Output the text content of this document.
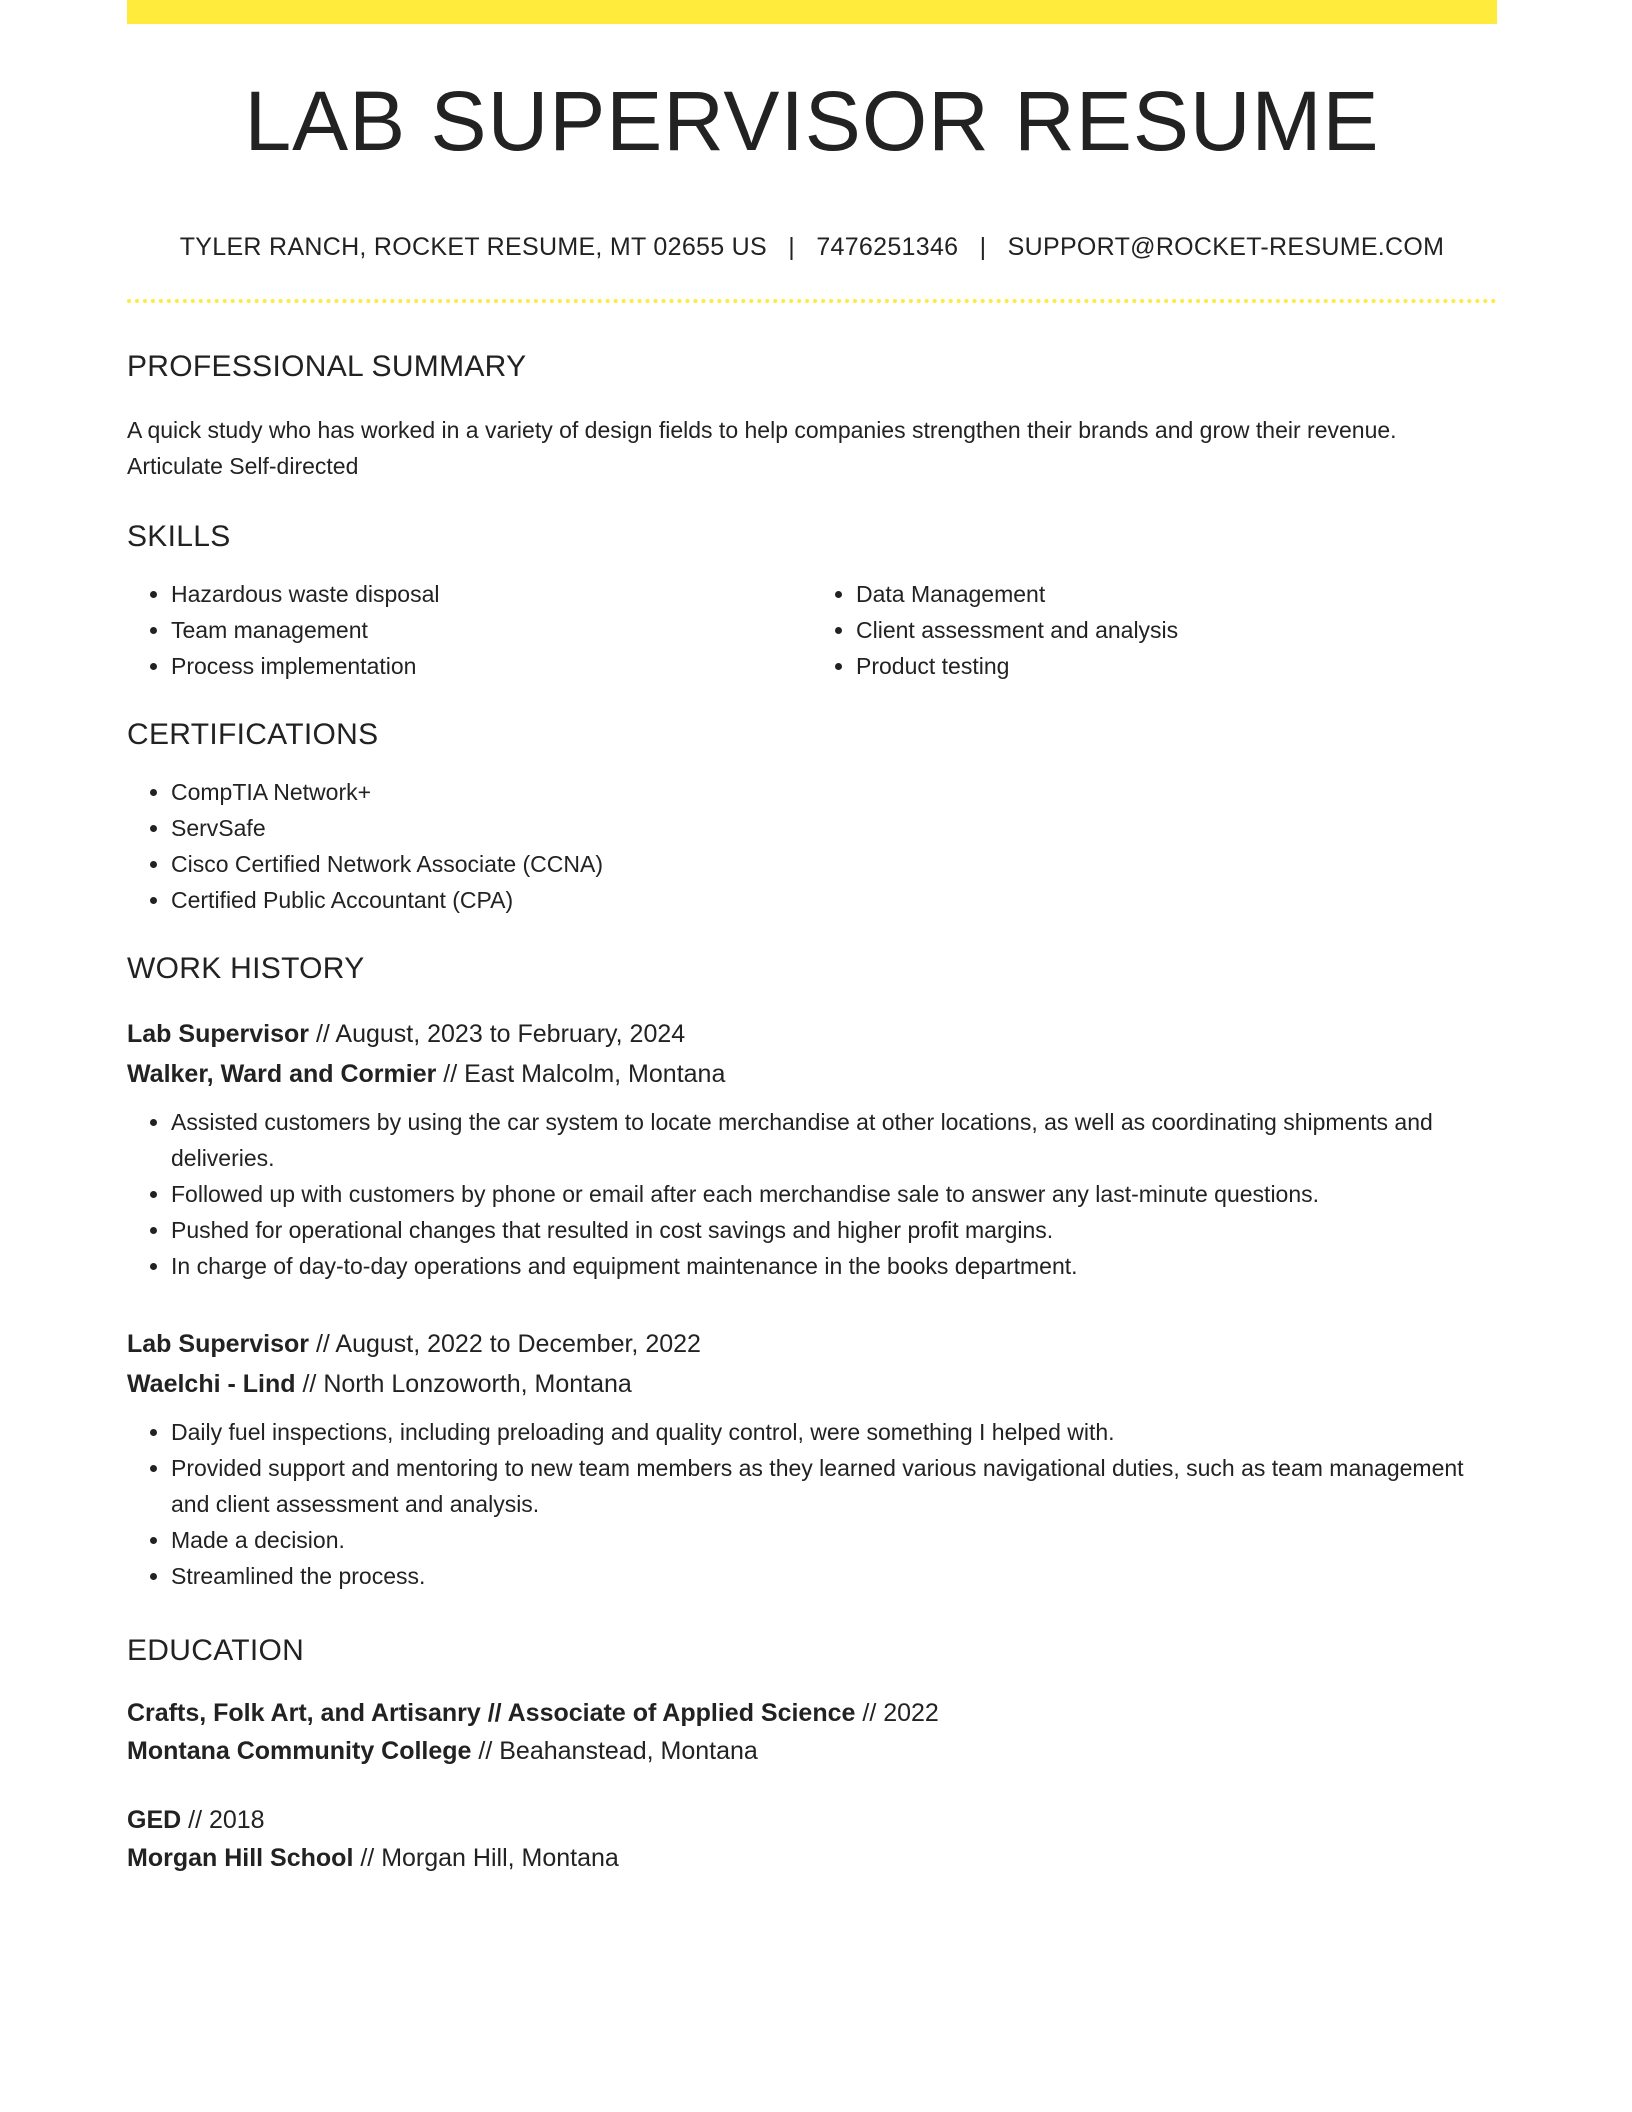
LAB SUPERVISOR RESUME
TYLER RANCH, ROCKET RESUME, MT 02655 US | 7476251346 | SUPPORT@ROCKET-RESUME.COM
PROFESSIONAL SUMMARY
A quick study who has worked in a variety of design fields to help companies strengthen their brands and grow their revenue.
Articulate Self-directed
SKILLS
• Hazardous waste disposal
• Team management
• Process implementation
• Data Management
• Client assessment and analysis
• Product testing
CERTIFICATIONS
• CompTIA Network+
• ServSafe
• Cisco Certified Network Associate (CCNA)
• Certified Public Accountant (CPA)
WORK HISTORY
Lab Supervisor // August, 2023 to February, 2024
Walker, Ward and Cormier // East Malcolm, Montana
• Assisted customers by using the car system to locate merchandise at other locations, as well as coordinating shipments and deliveries.
• Followed up with customers by phone or email after each merchandise sale to answer any last-minute questions.
• Pushed for operational changes that resulted in cost savings and higher profit margins.
• In charge of day-to-day operations and equipment maintenance in the books department.
Lab Supervisor // August, 2022 to December, 2022
Waelchi - Lind // North Lonzoworth, Montana
• Daily fuel inspections, including preloading and quality control, were something I helped with.
• Provided support and mentoring to new team members as they learned various navigational duties, such as team management and client assessment and analysis.
• Made a decision.
• Streamlined the process.
EDUCATION
Crafts, Folk Art, and Artisanry // Associate of Applied Science // 2022
Montana Community College // Beahanstead, Montana
GED // 2018
Morgan Hill School // Morgan Hill, Montana
